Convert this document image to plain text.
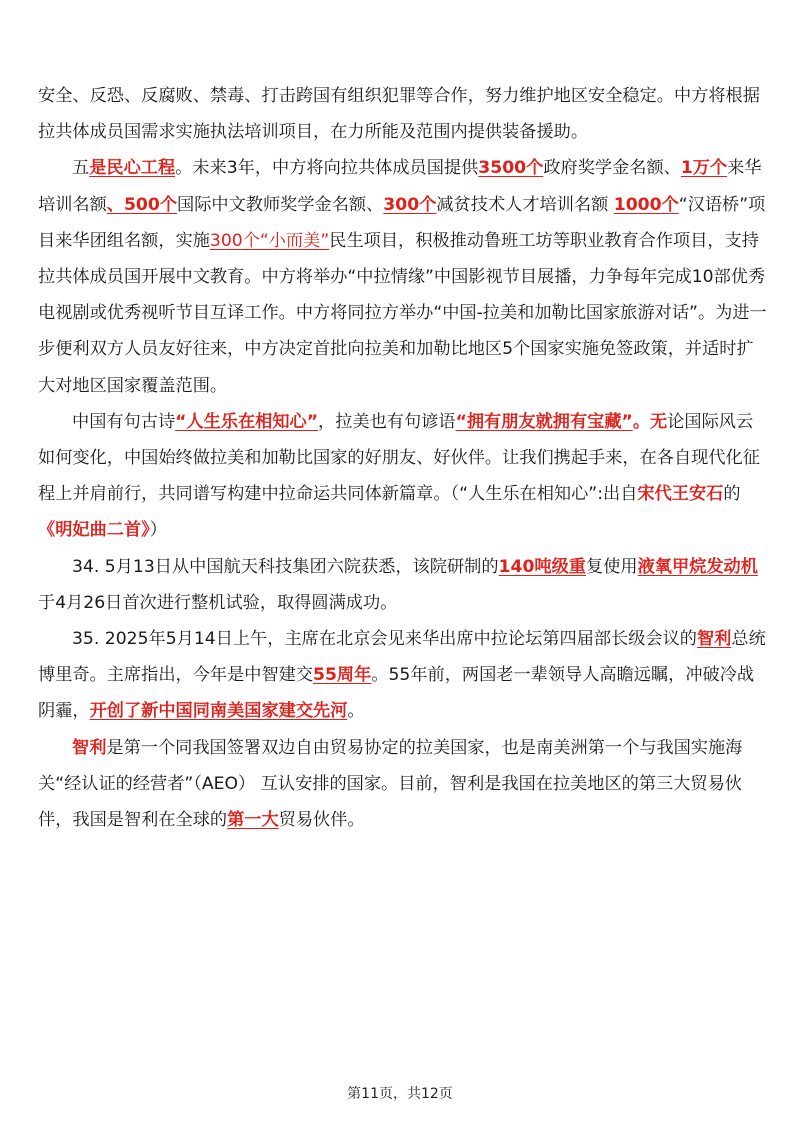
安全、反恐、反腐败、禁毒、打击跨国有组织犯罪等合作，努力维护地区安全稳定。中方将根据拉共体成员国需求实施执法培训项目，在力所能及范围内提供装备援助。

五是民心工程。未来3年，中方将向拉共体成员国提供3500个政府奖学金名额、1万个来华培训名额、500个国际中文教师奖学金名额、300个减贫技术人才培训名额 1000个“汉语桥”项目来华团组名额，实施300个“小而美”民生项目，积极推动鲁班工坊等职业教育合作项目，支持拉共体成员国开展中文教育。中方将举办“中拉情缘”中国影视节目展播，力争每年完成10部优秀电视剧或优秀视听节目互译工作。中方将同拉方举办“中国-拉美和加勒比国家旅游对话”。为进一步便利双方人员友好往来，中方决定首批向拉美和加勒比地区5个国家实施免签政策，并适时扩大对地区国家覆盖范围。

中国有句古诗“人生乐在相知心”，拉美也有句谚语“拥有朋友就拥有宝藏”。无论国际风云如何变化，中国始终做拉美和加勒比国家的好朋友、好伙伴。让我们携起手来，在各自现代化征程上并肩前行，共同谱写构建中拉命运共同体新篇章。（“人生乐在相知心”:出自宋代王安石的《明妃曲二首》）

34. 5月13日从中国航天科技集团六院获悉，该院研制的140吨级重复使用液氧甲烷发动机于4月26日首次进行整机试验，取得圆满成功。

35. 2025年5月14日上午，主席在北京会见来华出席中拉论坛第四届部长级会议的智利总统博里奇。主席指出，今年是中智建交55周年。55年前，两国老一辈领导人高瞻远瞩，冲破冷战阴霾，开创了新中国同南美国家建交先河。

智利是第一个同我国签署双边自由贸易协定的拉美国家，也是南美洲第一个与我国实施海关“经认证的经营者”（AEO） 互认安排的国家。目前，智利是我国在拉美地区的第三大贸易伙伴，我国是智利在全球的第一大贸易伙伴。

第11页，共12页
